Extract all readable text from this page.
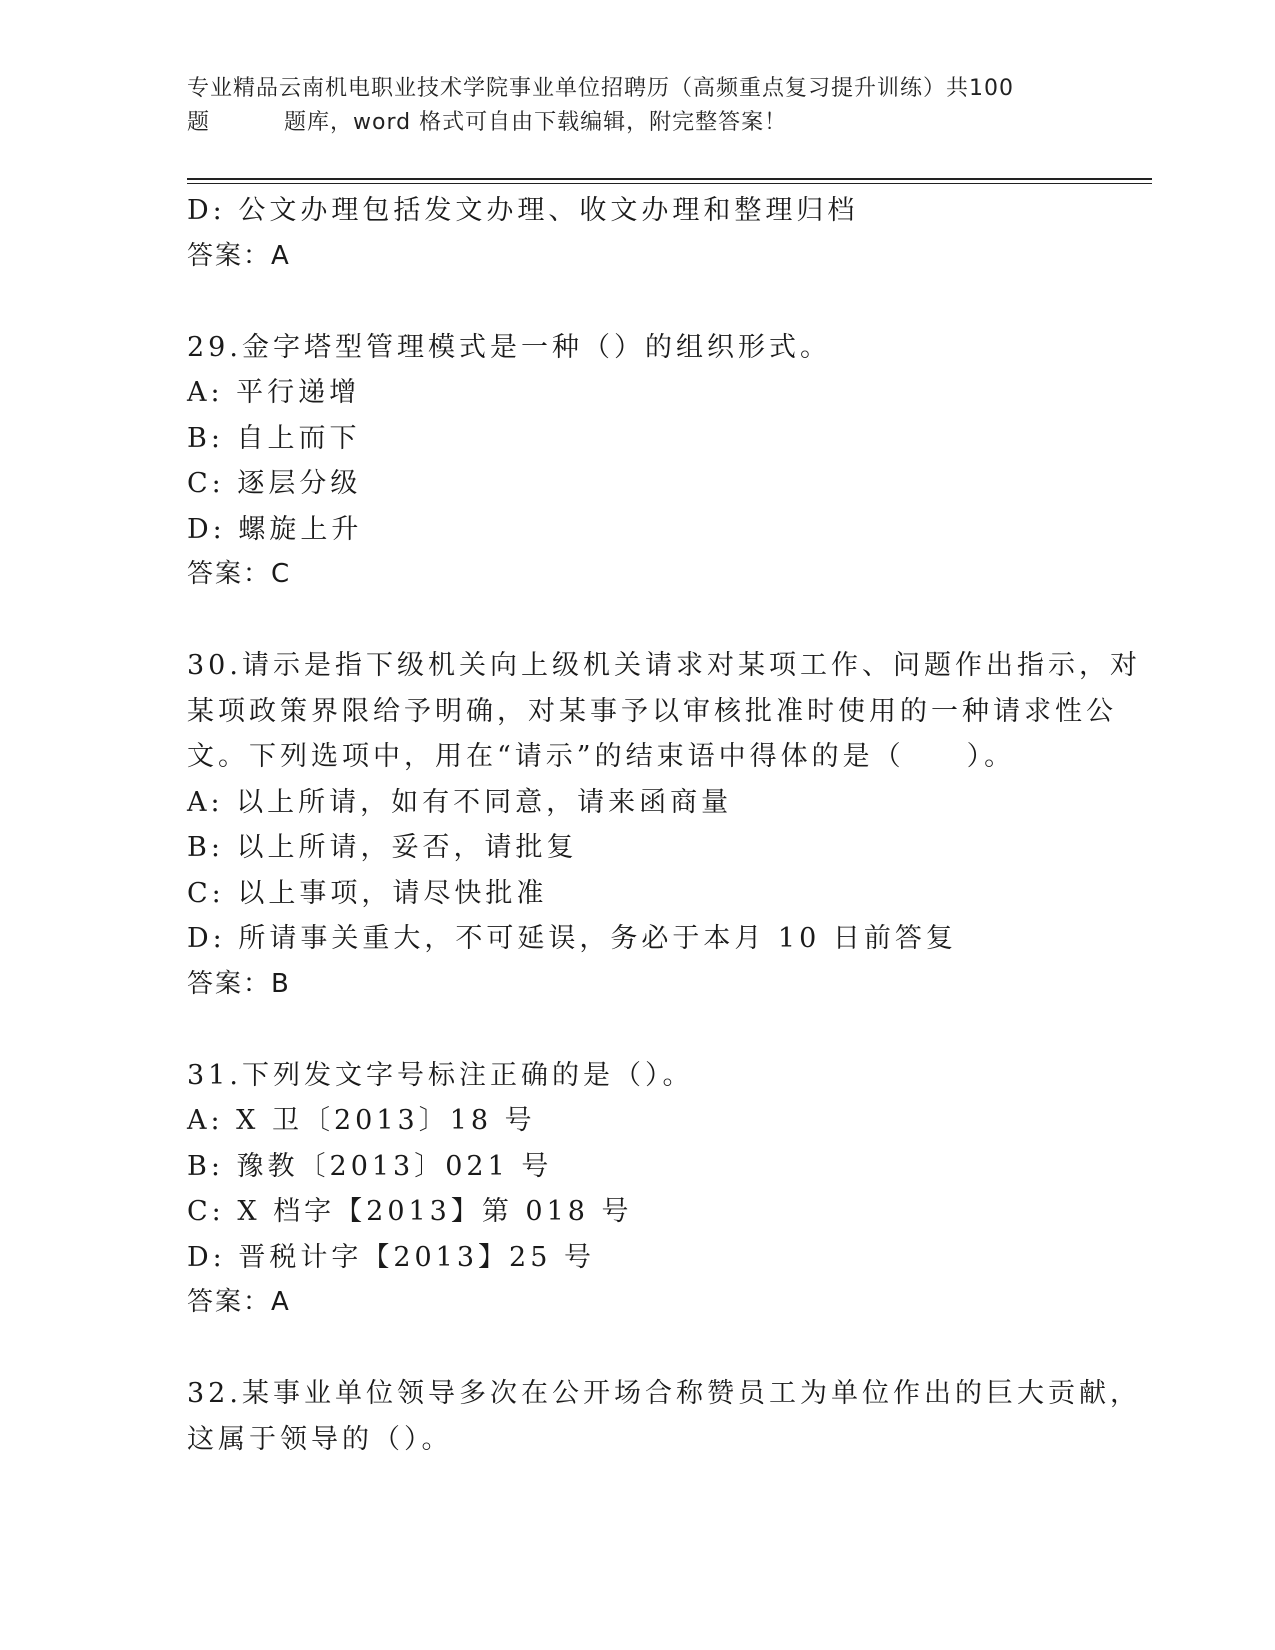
专业精品云南机电职业技术学院事业单位招聘历（高频重点复习提升训练）共100
题	题库，word 格式可自由下载编辑，附完整答案！
D: 公文办理包括发文办理、收文办理和整理归档
答案：A
29.金字塔型管理模式是一种（）的组织形式。
A: 平行递增
B: 自上而下
C: 逐层分级
D: 螺旋上升
答案：C
30.请示是指下级机关向上级机关请求对某项工作、问题作出指示，对
某项政策界限给予明确，对某事予以审核批准时使用的一种请求性公
文。下列选项中，用在“请示”的结束语中得体的是（　　）。
A: 以上所请，如有不同意，请来函商量
B: 以上所请，妥否，请批复
C: 以上事项，请尽快批准
D: 所请事关重大，不可延误，务必于本月 10 日前答复
答案：B
31.下列发文字号标注正确的是（）。
A: X 卫〔2013〕18 号
B: 豫教〔2013〕021 号
C: X 档字【2013】第 018 号
D: 晋税计字【2013】25 号
答案：A
32.某事业单位领导多次在公开场合称赞员工为单位作出的巨大贡献，
这属于领导的（）。
